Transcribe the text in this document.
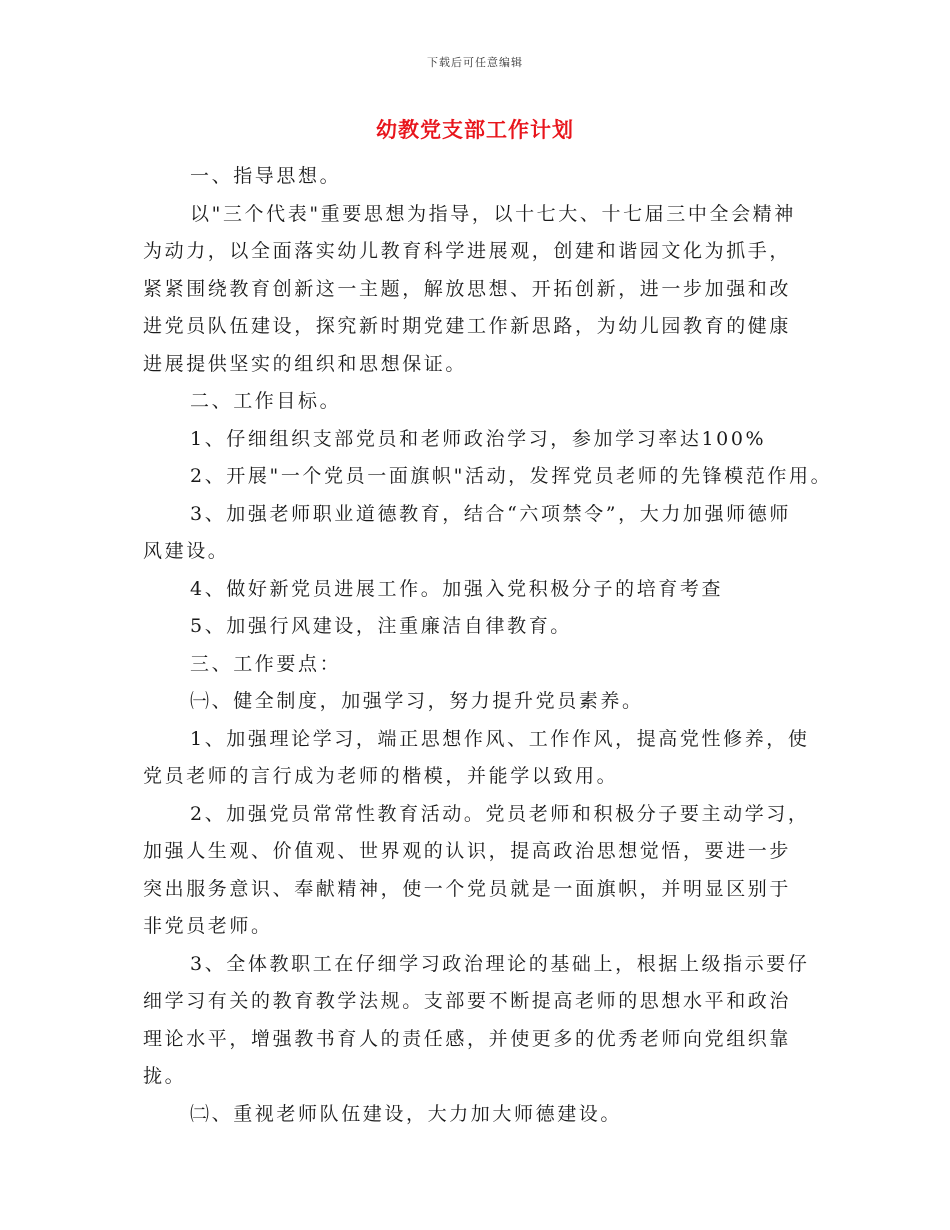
下载后可任意编辑
幼教党支部工作计划
一、指导思想。
以"三个代表"重要思想为指导，以十七大、十七届三中全会精神
为动力，以全面落实幼儿教育科学进展观，创建和谐园文化为抓手，
紧紧围绕教育创新这一主题，解放思想、开拓创新，进一步加强和改
进党员队伍建设，探究新时期党建工作新思路，为幼儿园教育的健康
进展提供坚实的组织和思想保证。
二、工作目标。
1、仔细组织支部党员和老师政治学习，参加学习率达100%
2、开展"一个党员一面旗帜"活动，发挥党员老师的先锋模范作用。
3、加强老师职业道德教育，结合“六项禁令”，大力加强师德师
风建设。
4、做好新党员进展工作。加强入党积极分子的培育考查
5、加强行风建设，注重廉洁自律教育。
三、工作要点：
㈠、健全制度，加强学习，努力提升党员素养。
1、加强理论学习，端正思想作风、工作作风，提高党性修养，使
党员老师的言行成为老师的楷模，并能学以致用。
2、加强党员常常性教育活动。党员老师和积极分子要主动学习，
加强人生观、价值观、世界观的认识，提高政治思想觉悟，要进一步
突出服务意识、奉献精神，使一个党员就是一面旗帜，并明显区别于
非党员老师。
3、全体教职工在仔细学习政治理论的基础上，根据上级指示要仔
细学习有关的教育教学法规。支部要不断提高老师的思想水平和政治
理论水平，增强教书育人的责任感，并使更多的优秀老师向党组织靠
拢。
㈡、重视老师队伍建设，大力加大师德建设。
